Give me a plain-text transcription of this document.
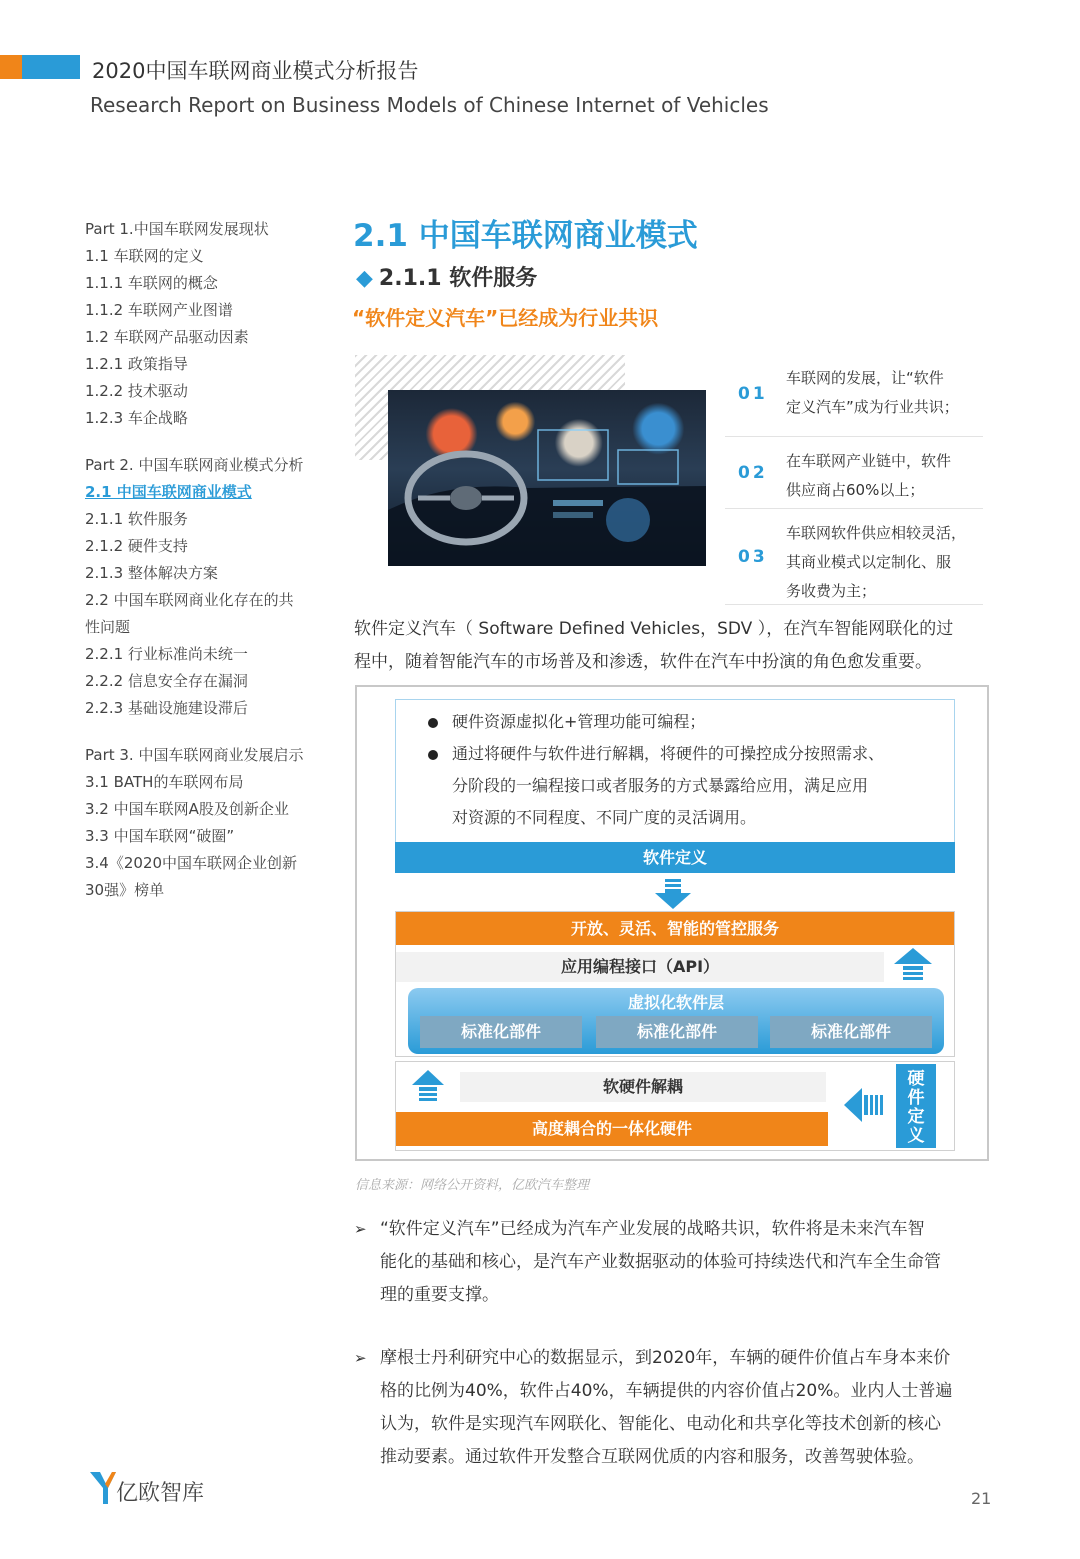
2020中国车联网商业模式分析报告
Research Report on Business Models of Chinese Internet of Vehicles
Part 1.中国车联网发展现状
1.1 车联网的定义
1.1.1 车联网的概念
1.1.2 车联网产业图谱
1.2 车联网产品驱动因素
1.2.1 政策指导
1.2.2 技术驱动
1.2.3 车企战略
Part 2. 中国车联网商业模式分析
2.1 中国车联网商业模式
2.1.1 软件服务
2.1.2 硬件支持
2.1.3 整体解决方案
2.2 中国车联网商业化存在的共
性问题
2.2.1 行业标准尚未统一
2.2.2 信息安全存在漏洞
2.2.3 基础设施建设滞后
Part 3. 中国车联网商业发展启示
3.1 BATH的车联网布局
3.2 中国车联网A股及创新企业
3.3 中国车联网“破圈”
3.4《2020中国车联网企业创新
30强》榜单
2.1 中国车联网商业模式
◆ 2.1.1 软件服务
“软件定义汽车”已经成为行业共识
01
车联网的发展，让“软件
定义汽车”成为行业共识；
02
在车联网产业链中，软件
供应商占60%以上；
03
车联网软件供应相较灵活，
其商业模式以定制化、服
务收费为主；
软件定义汽车（ Software Defined Vehicles，SDV ），在汽车智能网联化的过
程中，随着智能汽车的市场普及和渗透，软件在汽车中扮演的角色愈发重要。
硬件资源虚拟化+管理功能可编程；
通过将硬件与软件进行解耦，将硬件的可操控成分按照需求、
分阶段的一编程接口或者服务的方式暴露给应用，满足应用
对资源的不同程度、不同广度的灵活调用。
软件定义
开放、灵活、智能的管控服务
应用编程接口（API）
虚拟化软件层
标准化部件	标准化部件	标准化部件
软硬件解耦
高度耦合的一体化硬件
硬
件
定
义
信息来源：网络公开资料，亿欧汽车整理
➢ “软件定义汽车”已经成为汽车产业发展的战略共识，软件将是未来汽车智
能化的基础和核心，是汽车产业数据驱动的体验可持续迭代和汽车全生命管
理的重要支撑。
➢ 摩根士丹利研究中心的数据显示，到2020年，车辆的硬件价值占车身本来价
格的比例为40%，软件占40%，车辆提供的内容价值占20%。业内人士普遍
认为，软件是实现汽车网联化、智能化、电动化和共享化等技术创新的核心
推动要素。通过软件开发整合互联网优质的内容和服务，改善驾驶体验。
亿欧智库	21
